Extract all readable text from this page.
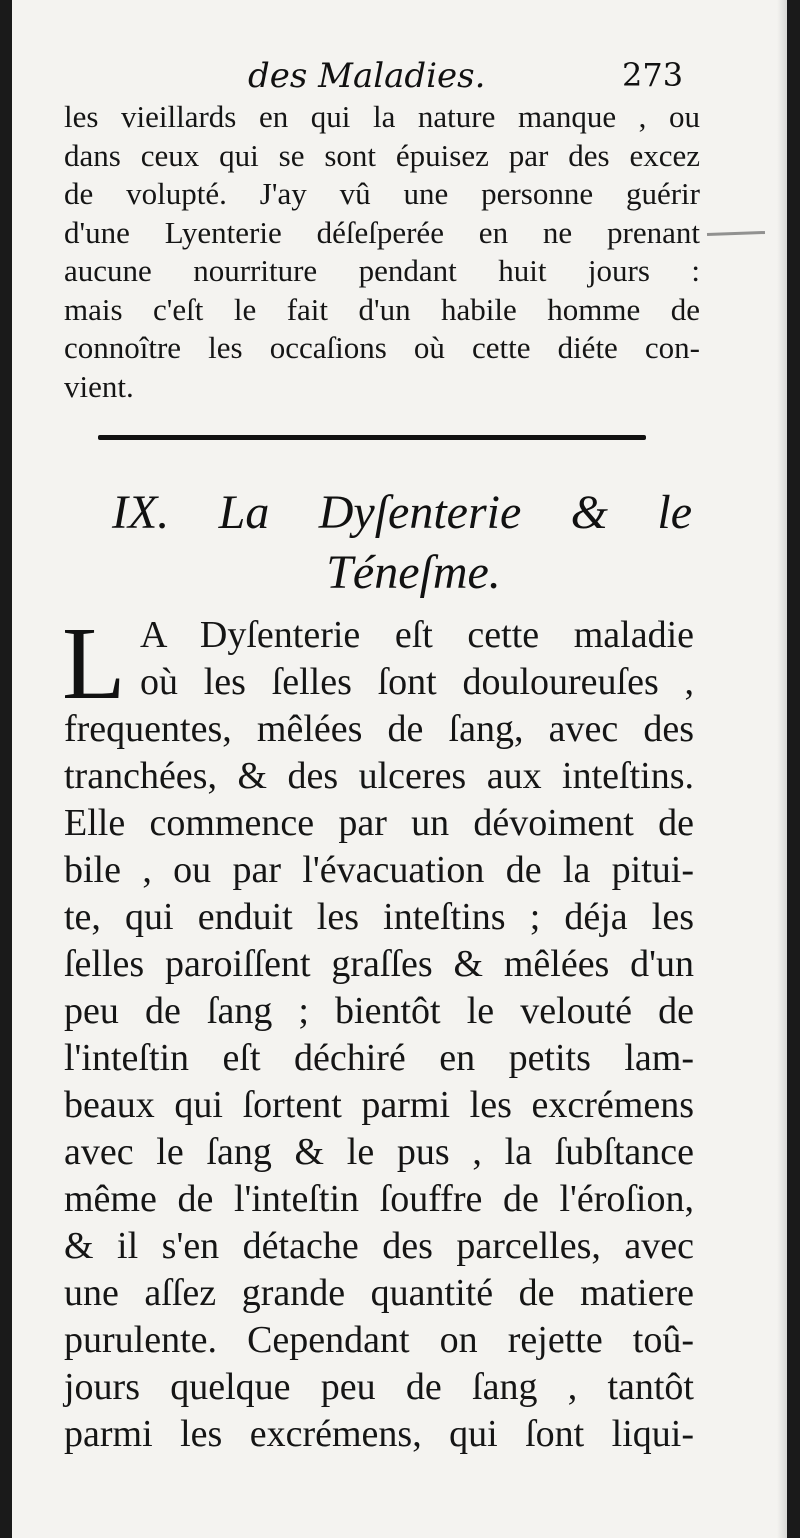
des Maladies.	273
les vieillards en qui la nature manque , ou
dans ceux qui se sont épuisez par des excez
de volupté. J'ay vû une personne guérir
d'une Lyenterie déſeſperée en ne prenant
aucune nourriture pendant huit jours :
mais c'eſt le fait d'un habile homme de
connoître les occaſions où cette diéte con-
vient.
IX. La Dyſenterie & le
Téneſme.
L A Dyſenterie eſt cette maladie
où les ſelles ſont douloureuſes ,
frequentes, mêlées de ſang, avec des
tranchées, & des ulceres aux inteſtins.
Elle commence par un dévoiment de
bile , ou par l'évacuation de la pitui-
te, qui enduit les inteſtins ; déja les
ſelles paroiſſent graſſes & mêlées d'un
peu de ſang ; bientôt le velouté de
l'inteſtin eſt déchiré en petits lam-
beaux qui ſortent parmi les excrémens
avec le ſang & le pus , la ſubſtance
même de l'inteſtin ſouffre de l'éroſion,
& il s'en détache des parcelles, avec
une aſſez grande quantité de matiere
purulente. Cependant on rejette toû-
jours quelque peu de ſang , tantôt
parmi les excrémens, qui ſont liqui-
